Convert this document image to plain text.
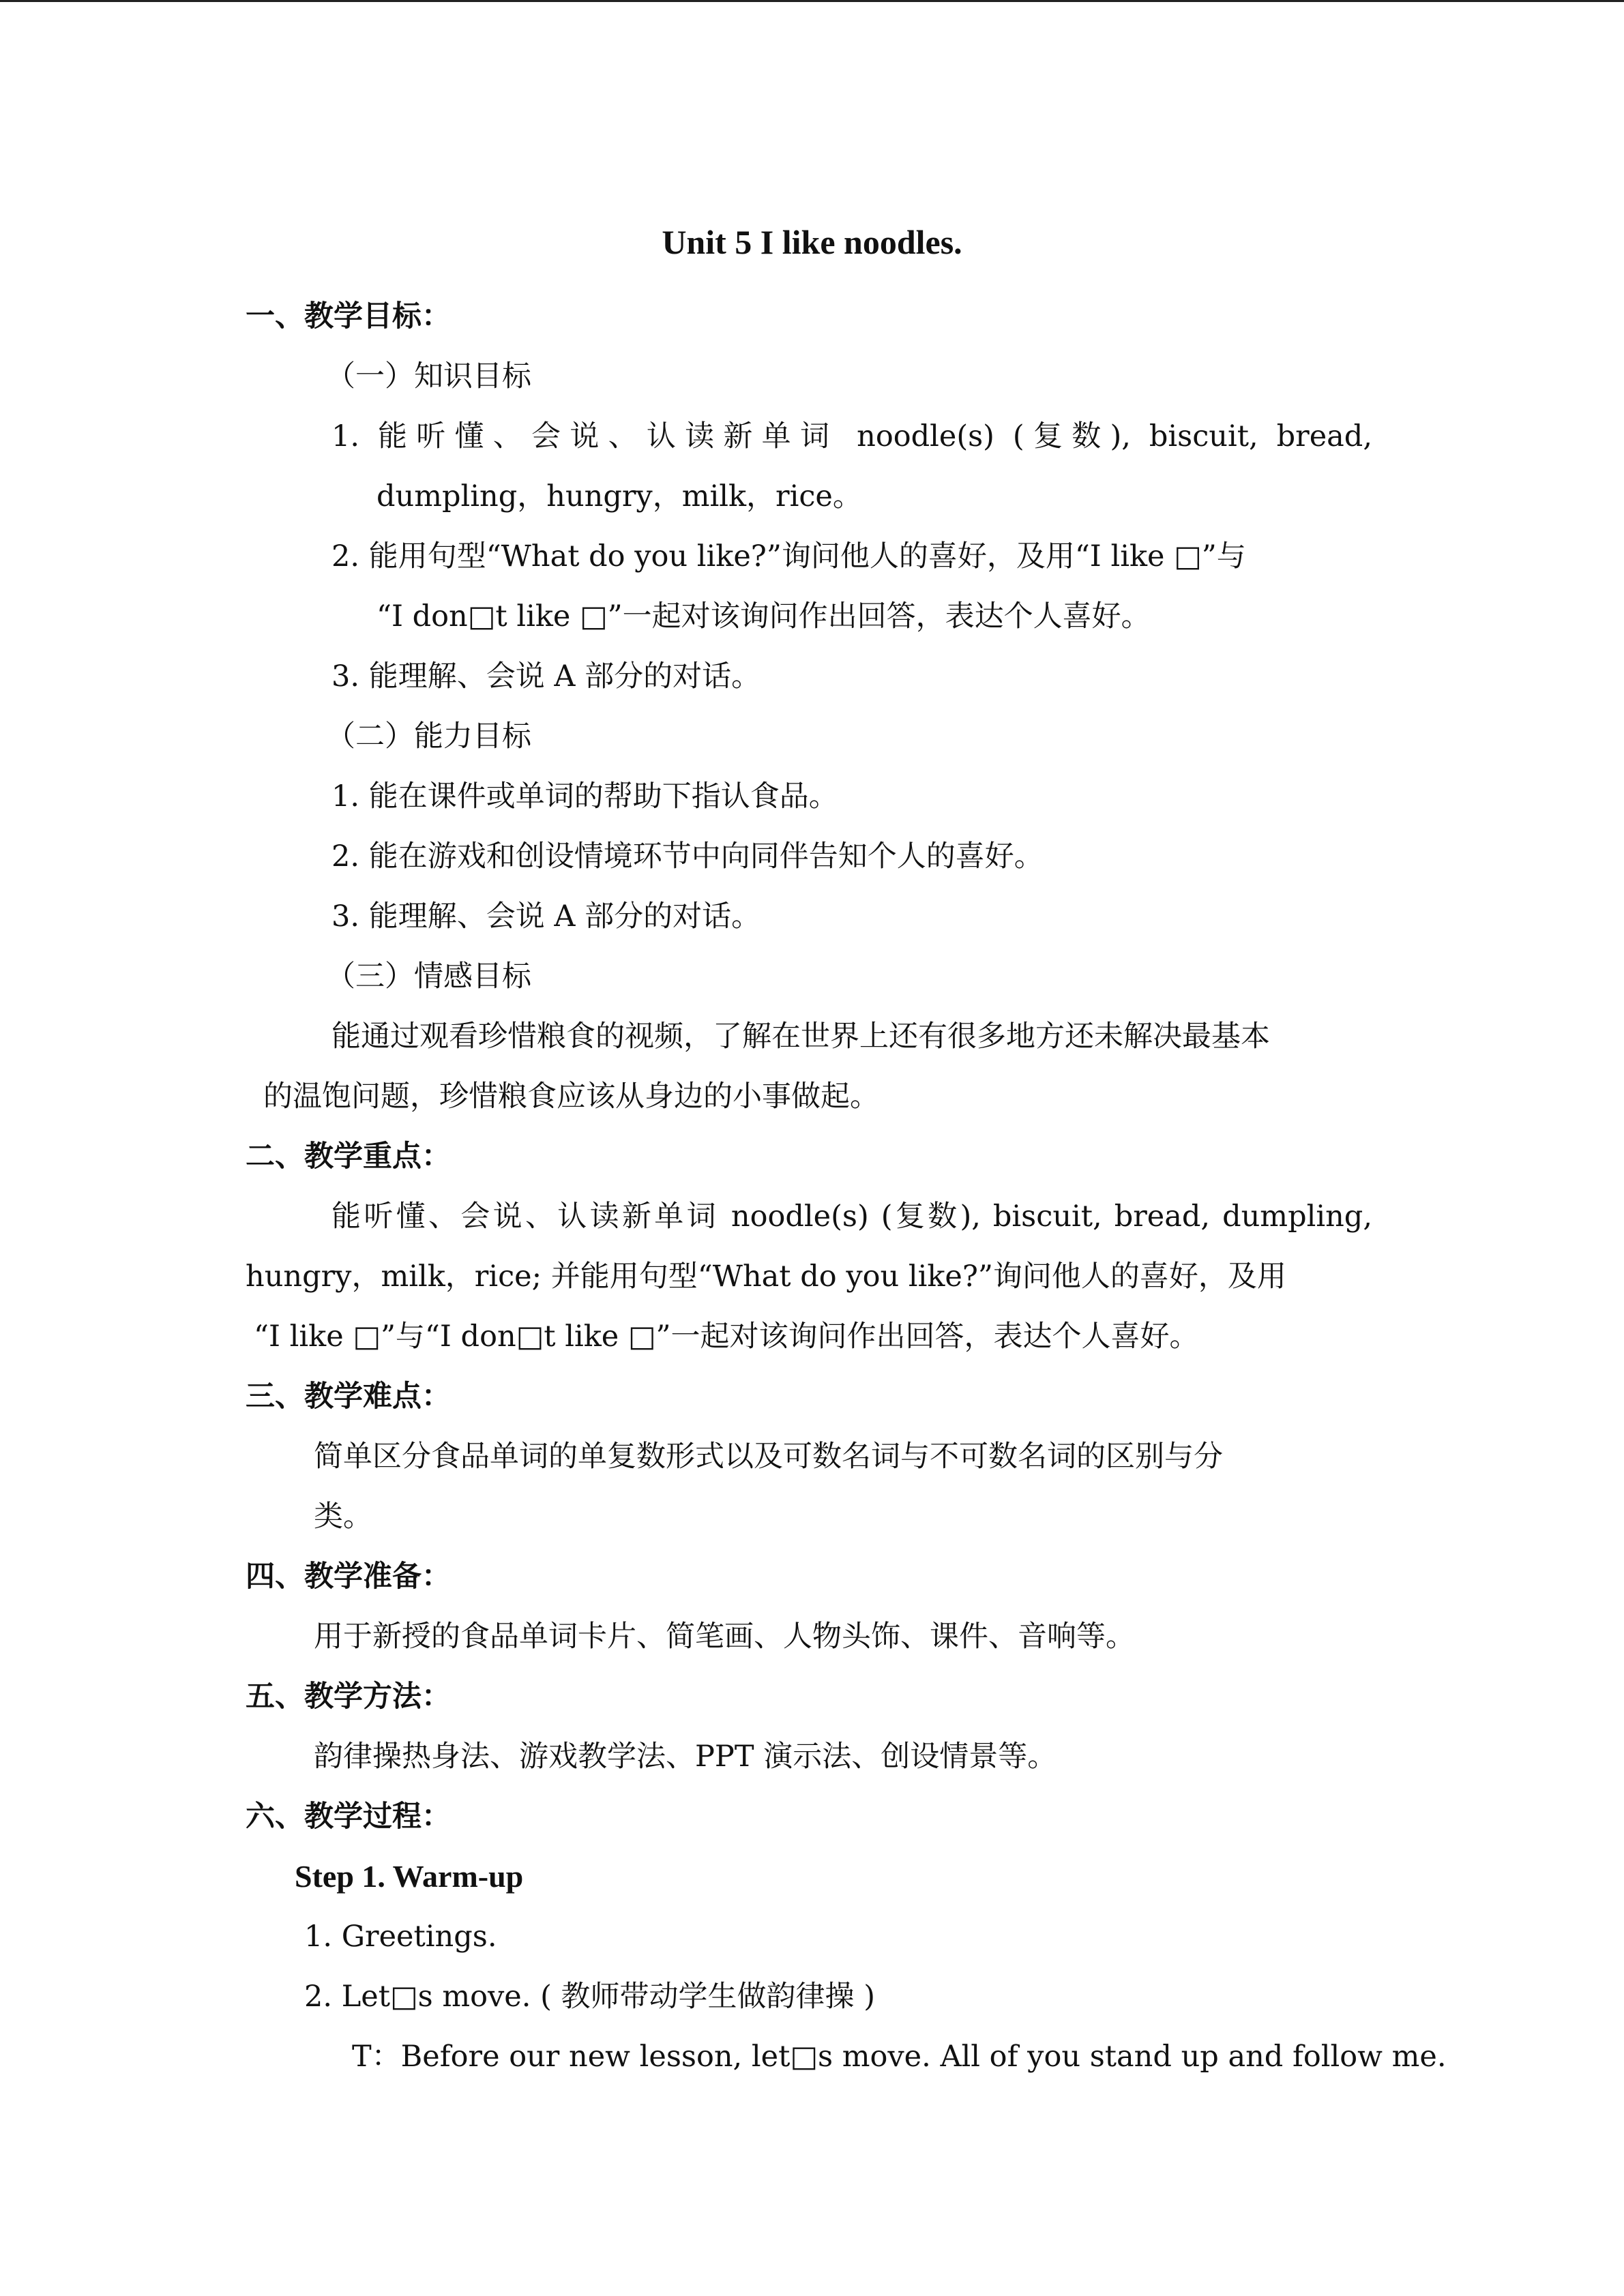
Unit 5 I like noodles.
一、教学目标：
（一）知识目标
1. 能听懂、会说、认读新单词 noodle(s) (复数), biscuit, bread,
dumpling，hungry，milk，rice。
2. 能用句型“What do you like?”询问他人的喜好，及用“I like □”与
“I don□t like □”一起对该询问作出回答，表达个人喜好。
3. 能理解、会说 A 部分的对话。
（二）能力目标
1. 能在课件或单词的帮助下指认食品。
2. 能在游戏和创设情境环节中向同伴告知个人的喜好。
3. 能理解、会说 A 部分的对话。
（三）情感目标
能通过观看珍惜粮食的视频，了解在世界上还有很多地方还未解决最基本
的温饱问题，珍惜粮食应该从身边的小事做起。
二、教学重点：
能听懂、会说、认读新单词 noodle(s) (复数), biscuit, bread, dumpling,
hungry，milk，rice; 并能用句型“What do you like?”询问他人的喜好，及用
“I like □”与“I don□t like □”一起对该询问作出回答，表达个人喜好。
三、教学难点：
简单区分食品单词的单复数形式以及可数名词与不可数名词的区别与分
类。
四、教学准备：
用于新授的食品单词卡片、简笔画、人物头饰、课件、音响等。
五、教学方法：
韵律操热身法、游戏教学法、PPT 演示法、创设情景等。
六、教学过程：
Step 1. Warm-up
1. Greetings.
2. Let□s move. ( 教师带动学生做韵律操 )
T：Before our new lesson, let□s move. All of you stand up and follow me.
